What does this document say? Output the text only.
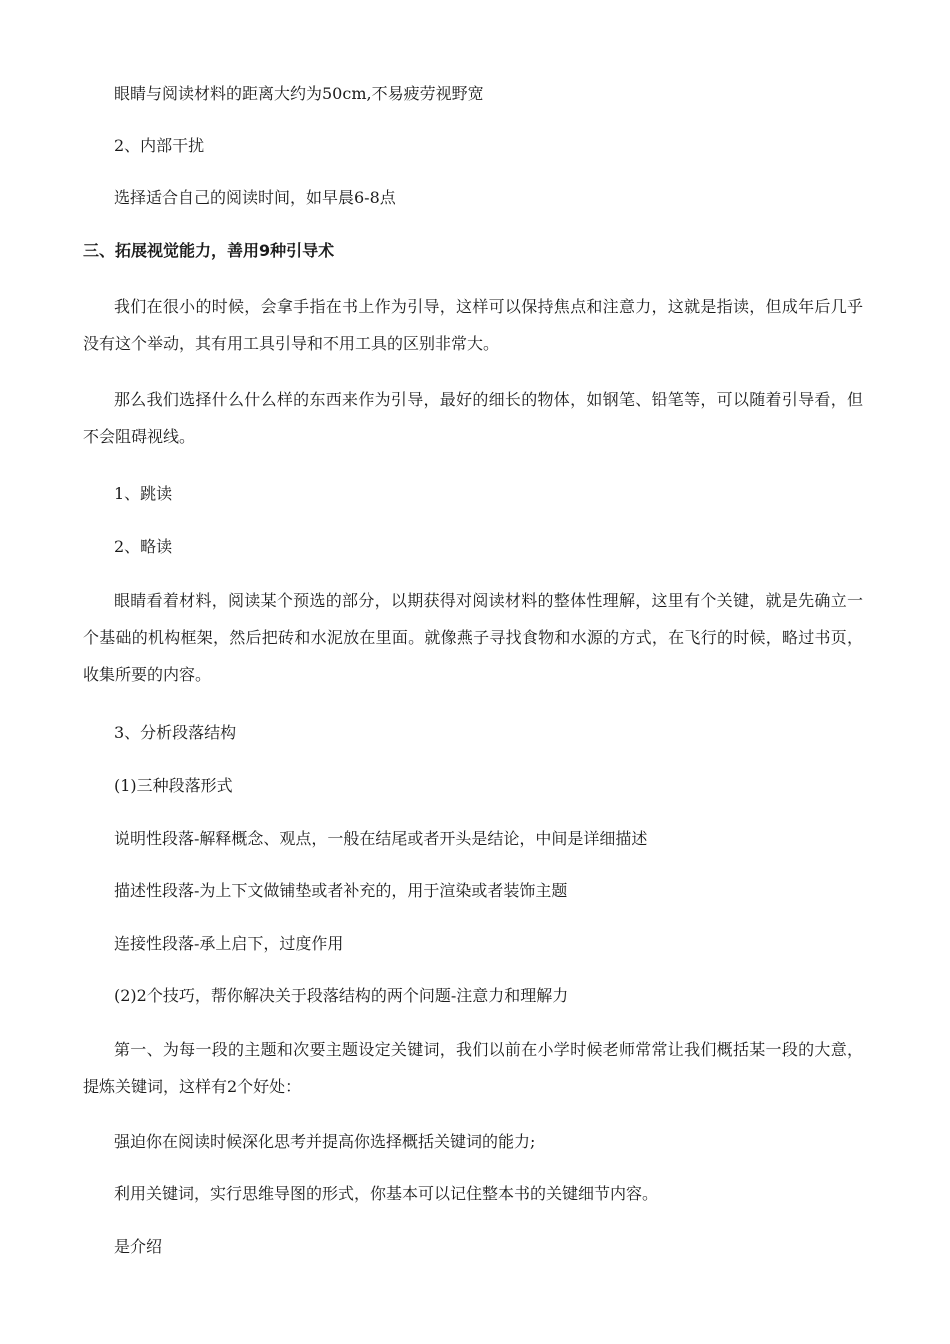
眼睛与阅读材料的距离大约为50cm,不易疲劳视野宽
2、内部干扰
选择适合自己的阅读时间，如早晨6-8点
三、拓展视觉能力，善用9种引导术
我们在很小的时候，会拿手指在书上作为引导，这样可以保持焦点和注意力，这就是指读，但成年后几乎没有这个举动，其有用工具引导和不用工具的区别非常大。
那么我们选择什么什么样的东西来作为引导，最好的细长的物体，如钢笔、铅笔等，可以随着引导看，但不会阻碍视线。
1、跳读
2、略读
眼睛看着材料，阅读某个预选的部分，以期获得对阅读材料的整体性理解，这里有个关键，就是先确立一个基础的机构框架，然后把砖和水泥放在里面。就像燕子寻找食物和水源的方式，在飞行的时候，略过书页，收集所要的内容。
3、分析段落结构
(1)三种段落形式
说明性段落-解释概念、观点，一般在结尾或者开头是结论，中间是详细描述
描述性段落-为上下文做铺垫或者补充的，用于渲染或者装饰主题
连接性段落-承上启下，过度作用
(2)2个技巧，帮你解决关于段落结构的两个问题-注意力和理解力
第一、为每一段的主题和次要主题设定关键词，我们以前在小学时候老师常常让我们概括某一段的大意，提炼关键词，这样有2个好处：
强迫你在阅读时候深化思考并提高你选择概括关键词的能力;
利用关键词，实行思维导图的形式，你基本可以记住整本书的关键细节内容。
是介绍
